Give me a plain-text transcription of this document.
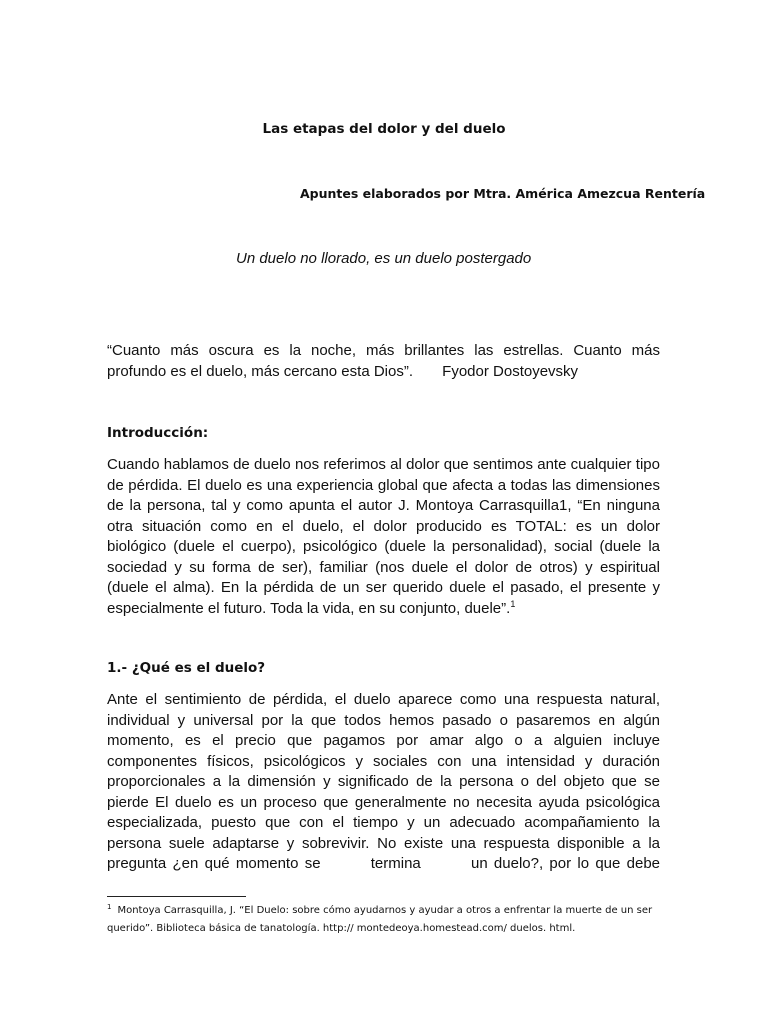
Las etapas del dolor y del duelo
Apuntes elaborados por Mtra. América Amezcua Rentería
Un duelo no llorado, es un duelo postergado
“Cuanto más oscura es la noche, más brillantes las estrellas. Cuanto más
profundo es el duelo, más cercano esta Dios”.       Fyodor Dostoyevsky
Introducción:
Cuando hablamos de duelo nos referimos al dolor que sentimos ante cualquier tipo
de pérdida. El duelo es una experiencia global que afecta a todas las dimensiones
de la persona, tal y como apunta el autor J. Montoya Carrasquilla1, “En ninguna
otra situación como en el duelo, el dolor producido es TOTAL: es un dolor
biológico (duele el cuerpo), psicológico (duele la personalidad), social (duele la
sociedad y su forma de ser), familiar (nos duele el dolor de otros) y espiritual
(duele el alma). En la pérdida de un ser querido duele el pasado, el presente y
especialmente el futuro. Toda la vida, en su conjunto, duele”.$^1$
1.- ¿Qué es el duelo?
Ante el sentimiento de pérdida, el duelo aparece como una respuesta natural,
individual y universal por la que todos hemos pasado o pasaremos en algún
momento, es el precio que pagamos por amar algo o a alguien incluye
componentes físicos, psicológicos y sociales con una intensidad y duración
proporcionales a la dimensión y significado de la persona o del objeto que se
pierde El duelo es un proceso que generalmente no necesita ayuda psicológica
especializada, puesto que con el tiempo y un adecuado acompañamiento la
persona suele adaptarse y sobrevivir. No existe una respuesta disponible a la
pregunta ¿en qué momento se        termina        un duelo?, por lo que debe
$^1$ Montoya Carrasquilla, J. “El Duelo: sobre cómo ayudarnos y ayudar a otros a enfrentar la muerte de un ser
querido”. Biblioteca básica de tanatología. http:// montedeoya.homestead.com/ duelos. html.
